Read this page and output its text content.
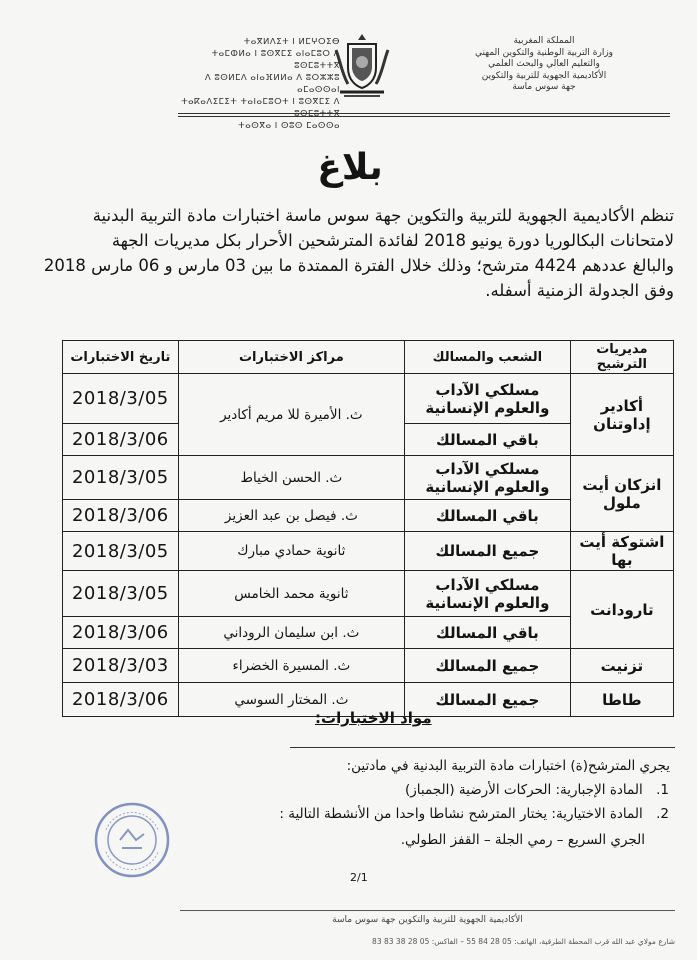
ⵜⴰⴳⵍⴷⵉⵜ ⵏ ⵍⵎⵖⵔⵉⴱ
ⵜⴰⵎⵀⵍⴰ ⵏ ⵓⵙⴳⵎⵉ ⴰⵏⴰⵎⵓⵔ ⴷ ⵓⵙⵎⵓⵜⵜⴳ
ⴷ ⵓⵙⵍⵎⴷ ⴰⵏⴰⴼⵍⵍⴰ ⴷ ⵓⵔⵣⵣⵓ ⴰⵎⴰⵙⵙⴰⵏ
ⵜⴰⴽⴰⴷⵉⵎⵉⵜ ⵜⴰⵏⴰⵎⵓⵔⵜ ⵏ ⵓⵙⴳⵎⵉ ⴷ ⵓⵙⵎⵓⵜⵜⴳ
ⵜⴰⵙⴳⴰ ⵏ ⵙⵓⵙ ⵎⴰⵙⵙⴰ
المملكة المغربية
وزارة التربية الوطنية والتكوين المهني
والتعليم العالي والبحث العلمي
الأكاديمية الجهوية للتربية والتكوين
جهة سوس ماسة
بلاغ
تنظم الأكاديمية الجهوية للتربية والتكوين جهة سوس ماسة اختبارات مادة التربية البدنية
لامتحانات البكالوريا دورة يونيو 2018 لفائدة المترشحين الأحرار بكل مديريات الجهة
والبالغ عددهم 4424 مترشح؛ وذلك خلال الفترة الممتدة ما بين 03 مارس و 06 مارس 2018
وفق الجدولة الزمنية أسفله.
مديريات الترشيح	الشعب والمسالك	مراكز الاختبارات	تاريخ الاختبارات
أكادير إداوتنان	مسلكي الآداب والعلوم الإنسانية	ث. الأميرة للا مريم أكادير	2018/3/05
	باقي المسالك		2018/3/06
انزكان أيت ملول	مسلكي الآداب والعلوم الإنسانية	ث. الحسن الخياط	2018/3/05
	باقي المسالك	ث. فيصل بن عبد العزيز	2018/3/06
اشتوكة أيت بها	جميع المسالك	ثانوية حمادي مبارك	2018/3/05
تارودانت	مسلكي الآداب والعلوم الإنسانية	ثانوية محمد الخامس	2018/3/05
	باقي المسالك	ث. ابن سليمان الروداني	2018/3/06
تزنيت	جميع المسالك	ث. المسيرة الخضراء	2018/3/03
طاطا	جميع المسالك	ث. المختار السوسي	2018/3/06
مواد الاختبارات:
يجري المترشح(ة) اختبارات مادة التربية البدنية في مادتين:
1. المادة الإجبارية: الحركات الأرضية (الجمباز)
2. المادة الاختيارية: يختار المترشح نشاطا واحدا من الأنشطة التالية :
الجري السريع – رمي الجلة – القفز الطولي.
2/1
الأكاديمية الجهوية للتربية والتكوين جهة سوس ماسة
شارع مولاي عبد الله قرب المحطة الطرقية، الهاتف: 05 28 84 55 – الفاكس: 05 28 38 83 83
